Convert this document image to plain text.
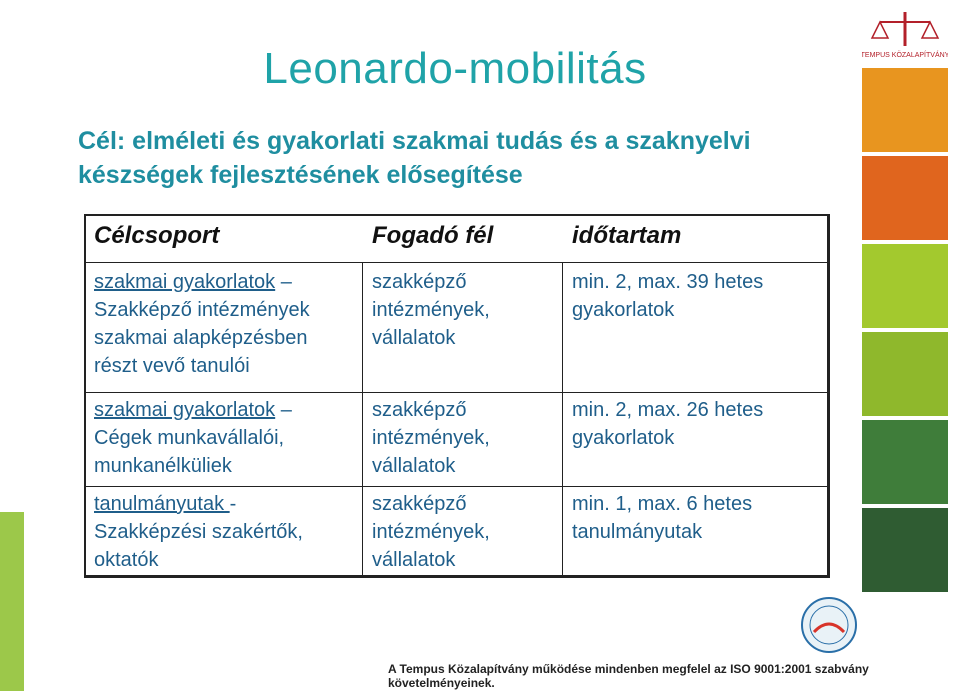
TEMPUS KÖZALAPÍTVÁNY
Leonardo-mobilitás
Cél: elméleti és gyakorlati szakmai tudás és a szaknyelvi készségek fejlesztésének elősegítése
Célcsoport	Fogadó fél	időtartam
szakmai gyakorlatok –
Szakképző intézmények szakmai alapképzésben részt vevő tanulói
szakképző intézmények, vállalatok
min. 2, max. 39 hetes gyakorlatok
szakmai gyakorlatok –
Cégek munkavállalói, munkanélküliek
szakképző intézmények, vállalatok
min. 2, max. 26 hetes gyakorlatok
tanulmányutak -
Szakképzési szakértők, oktatók
szakképző intézmények, vállalatok
min. 1, max. 6 hetes tanulmányutak
A Tempus Közalapítvány működése mindenben megfelel az ISO 9001:2001 szabvány követelményeinek.
